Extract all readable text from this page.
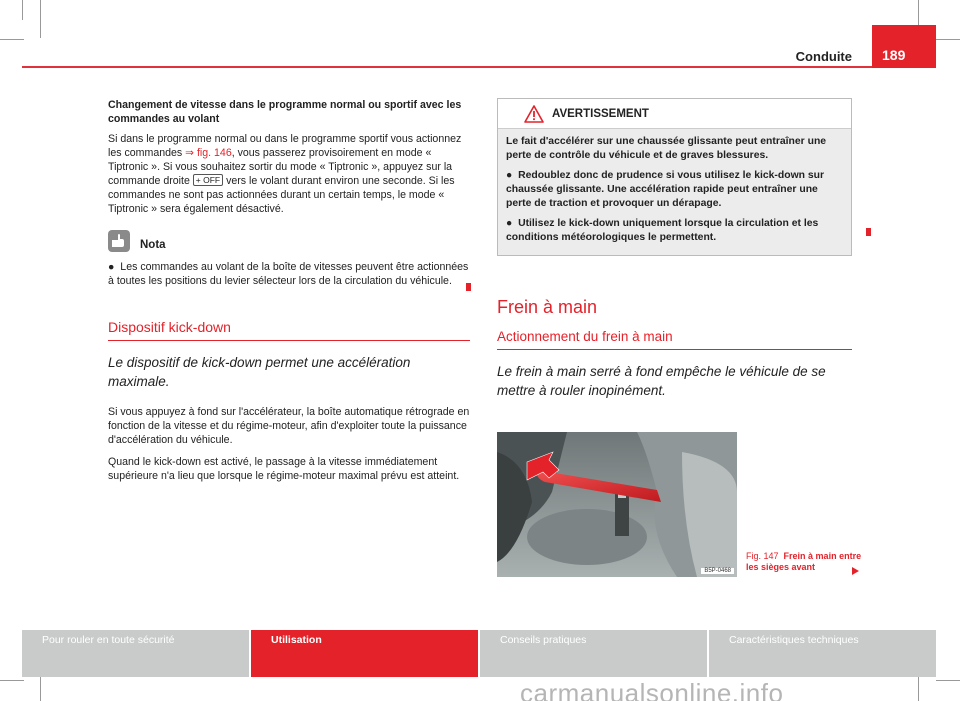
Conduite	189
Changement de vitesse dans le programme normal ou sportif avec les commandes au volant

Si dans le programme normal ou dans le programme sportif vous actionnez les commandes ⇒ fig. 146, vous passerez provisoirement en mode « Tiptronic ». Si vous souhaitez sortir du mode « Tiptronic », appuyez sur la commande droite + OFF vers le volant durant environ une seconde. Si les commandes ne sont pas actionnées durant un certain temps, le mode « Tiptronic » sera également désactivé.

Nota

● Les commandes au volant de la boîte de vitesses peuvent être actionnées à toutes les positions du levier sélecteur lors de la circulation du véhicule.

Dispositif kick-down
Le dispositif de kick-down permet une accélération maximale.

Si vous appuyez à fond sur l'accélérateur, la boîte automatique rétrograde en fonction de la vitesse et du régime-moteur, afin d'exploiter toute la puissance d'accélération du véhicule.

Quand le kick-down est activé, le passage à la vitesse immédiatement supérieure n'a lieu que lorsque le régime-moteur maximal prévu est atteint.

AVERTISSEMENT

Le fait d'accélérer sur une chaussée glissante peut entraîner une perte de contrôle du véhicule et de graves blessures.

● Redoublez donc de prudence si vous utilisez le kick-down sur chaussée glissante. Une accélération rapide peut entraîner une perte de traction et provoquer un dérapage.

● Utilisez le kick-down uniquement lorsque la circulation et les conditions météorologiques le permettent.

Frein à main
Actionnement du frein à main
Le frein à main serré à fond empêche le véhicule de se mettre à rouler inopinément.
B5P-0468
Fig. 147 Frein à main entre les sièges avant
Pour rouler en toute sécurité	Utilisation	Conseils pratiques	Caractéristiques techniques
carmanualsonline.info
